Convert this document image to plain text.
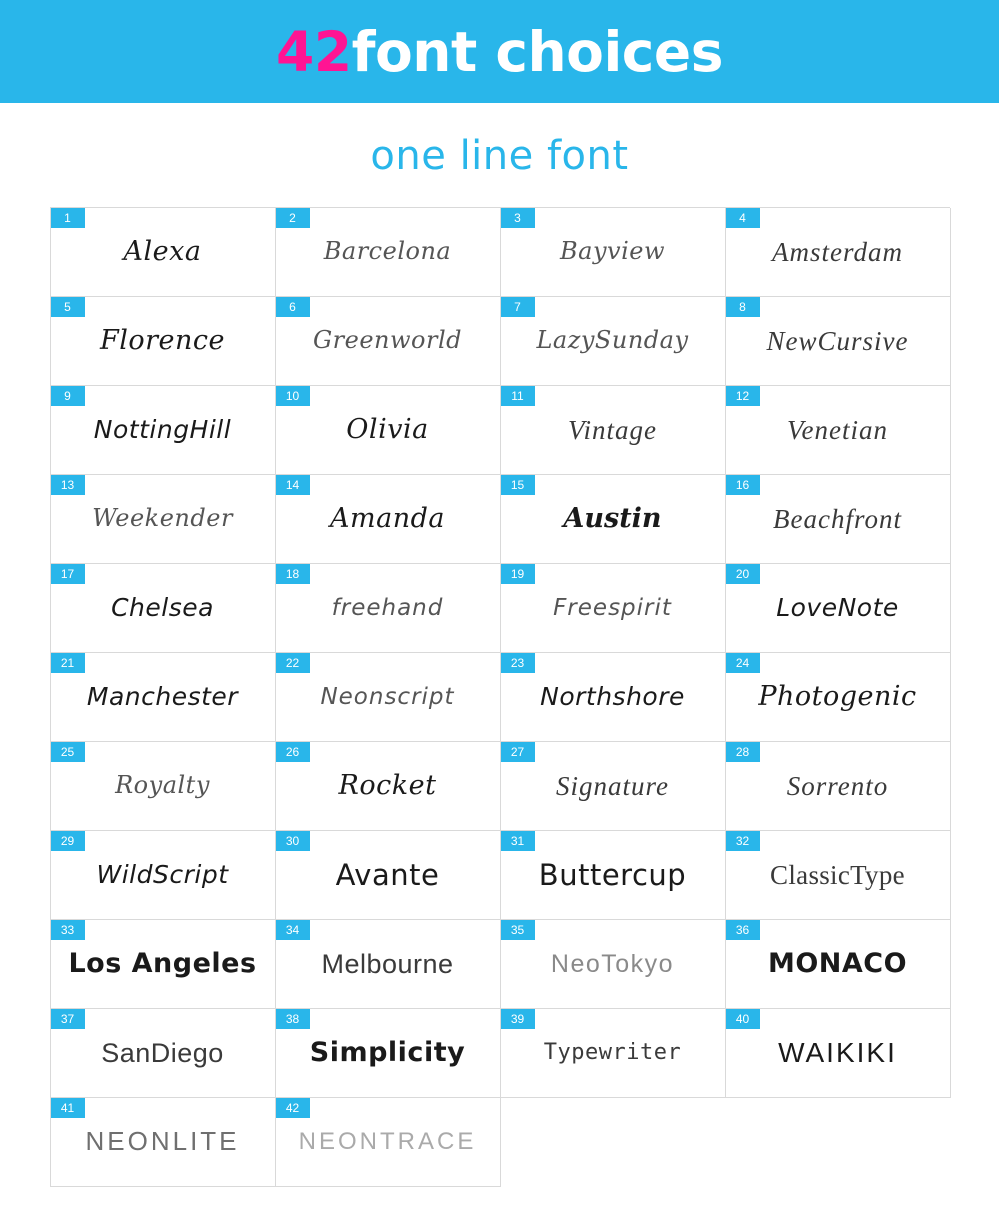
42font choices
one line font
1
Alexa
2
Barcelona
3
Bayview
4
Amsterdam
5
Florence
6
Greenworld
7
LazySunday
8
NewCursive
9
NottingHill
10
Olivia
11
Vintage
12
Venetian
13
Weekender
14
Amanda
15
Austin
16
Beachfront
17
Chelsea
18
freehand
19
Freespirit
20
LoveNote
21
Manchester
22
Neonscript
23
Northshore
24
Photogenic
25
Royalty
26
Rocket
27
Signature
28
Sorrento
29
WildScript
30
Avante
31
Buttercup
32
ClassicType
33
Los Angeles
34
Melbourne
35
NeoTokyo
36
MONACO
37
SanDiego
38
Simplicity
39
Typewriter
40
WAIKIKI
41
NEONLITE
42
NEONTRACE
